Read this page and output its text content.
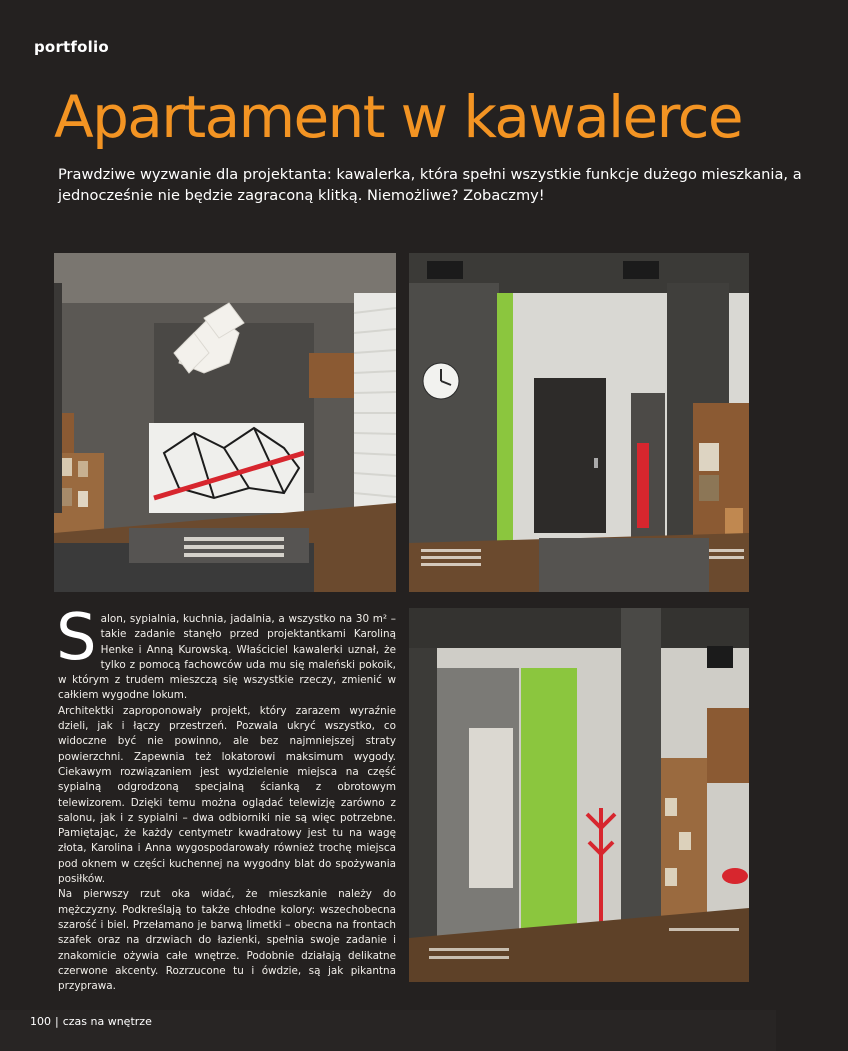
portfolio
Apartament w kawalerce
Prawdziwe wyzwanie dla projektanta: kawalerka, która spełni wszystkie funkcje dużego mieszkania, a jednocześnie nie będzie zagraconą klitką. Niemożliwe? Zobaczmy!

Salon, sypialnia, kuchnia, jadalnia, a wszystko na 30 m² – takie zadanie stanęło przed projektantkami Karoliną Henke i Anną Kurowską. Właściciel kawalerki uznał, że tylko z pomocą fachowców uda mu się maleński pokoik, w którym z trudem mieszczą się wszystkie rzeczy, zmienić w całkiem wygodne lokum.

Architektki zaproponowały projekt, który zarazem wyraźnie dzieli, jak i łączy przestrzeń. Pozwala ukryć wszystko, co widoczne być nie powinno, ale bez najmniejszej straty powierzchni. Zapewnia też lokatorowi maksimum wygody. Ciekawym rozwiązaniem jest wydzielenie miejsca na część sypialną odgrodzoną specjalną ścianką z obrotowym telewizorem. Dzięki temu można oglądać telewizję zarówno z salonu, jak i z sypialni – dwa odbiorniki nie są więc potrzebne. Pamiętając, że każdy centymetr kwadratowy jest tu na wagę złota, Karolina i Anna wygospodarowały również trochę miejsca pod oknem w części kuchennej na wygodny blat do spożywania posiłków.

Na pierwszy rzut oka widać, że mieszkanie należy do mężczyzny. Podkreślają to także chłodne kolory: wszechobecna szarość i biel. Przełamano je barwą limetki – obecna na frontach szafek oraz na drzwiach do łazienki, spełnia swoje zadanie i znakomicie ożywia całe wnętrze. Podobnie działają delikatne czerwone akcenty. Rozrzucone tu i ówdzie, są jak pikantna przyprawa.

100 | czas na wnętrze
